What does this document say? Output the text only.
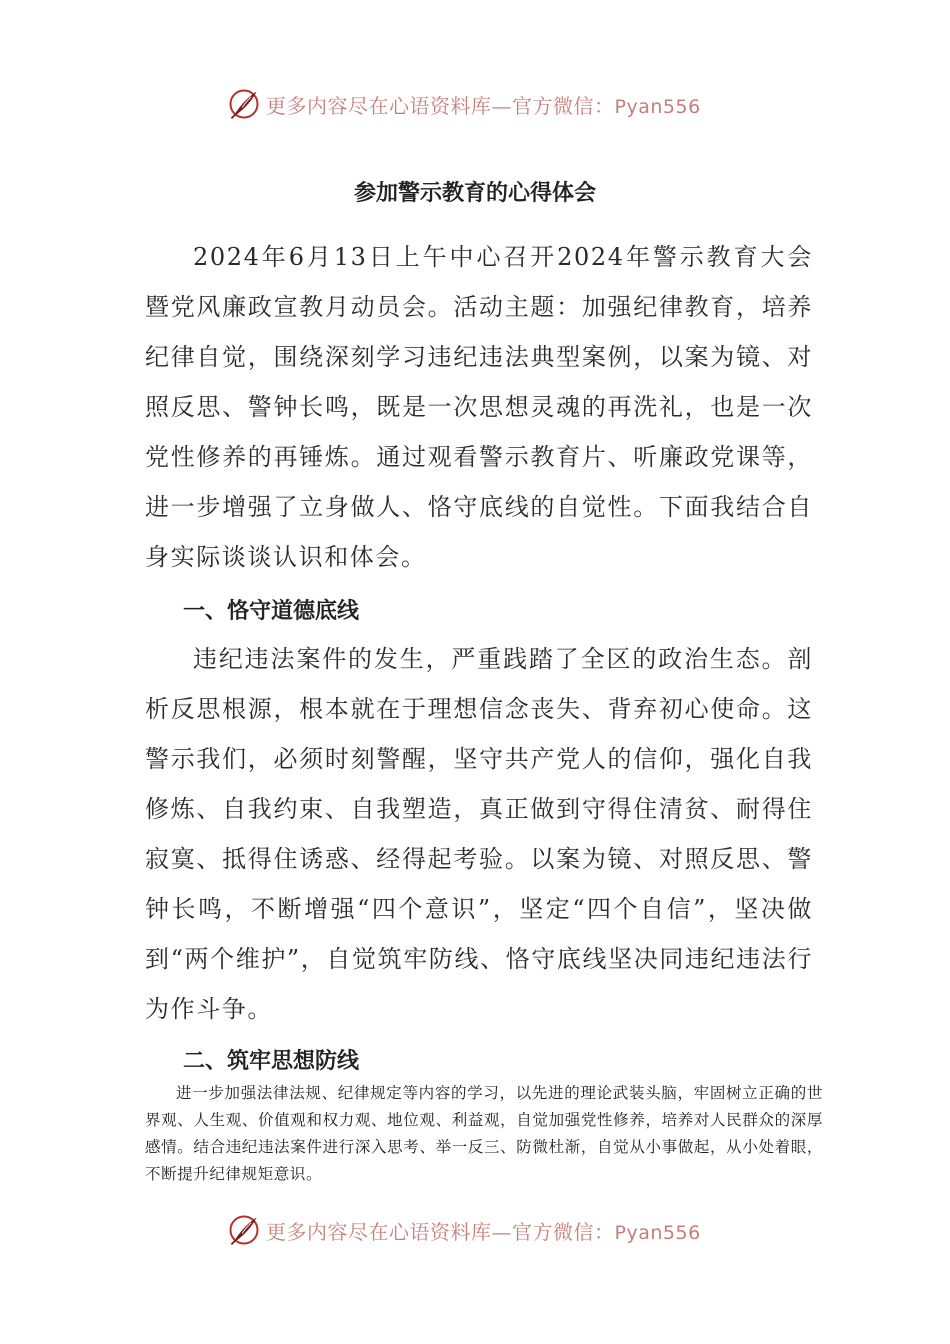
更多内容尽在心语资料库—官方微信：Pyan556
参加警示教育的心得体会

2024年6月13日上午中心召开2024年警示教育大会暨党风廉政宣教月动员会。活动主题：加强纪律教育，培养纪律自觉，围绕深刻学习违纪违法典型案例，以案为镜、对照反思、警钟长鸣，既是一次思想灵魂的再洗礼，也是一次党性修养的再锤炼。通过观看警示教育片、听廉政党课等，进一步增强了立身做人、恪守底线的自觉性。下面我结合自身实际谈谈认识和体会。

一、恪守道德底线

违纪违法案件的发生，严重践踏了全区的政治生态。剖析反思根源，根本就在于理想信念丧失、背弃初心使命。这警示我们，必须时刻警醒，坚守共产党人的信仰，强化自我修炼、自我约束、自我塑造，真正做到守得住清贫、耐得住寂寞、抵得住诱惑、经得起考验。以案为镜、对照反思、警钟长鸣，不断增强“四个意识”，坚定“四个自信”，坚决做到“两个维护”，自觉筑牢防线、恪守底线坚决同违纪违法行为作斗争。

二、筑牢思想防线

进一步加强法律法规、纪律规定等内容的学习，以先进的理论武装头脑，牢固树立正确的世界观、人生观、价值观和权力观、地位观、利益观，自觉加强党性修养，培养对人民群众的深厚感情。结合违纪违法案件进行深入思考、举一反三、防微杜渐，自觉从小事做起，从小处着眼，不断提升纪律规矩意识。

更多内容尽在心语资料库—官方微信：Pyan556
